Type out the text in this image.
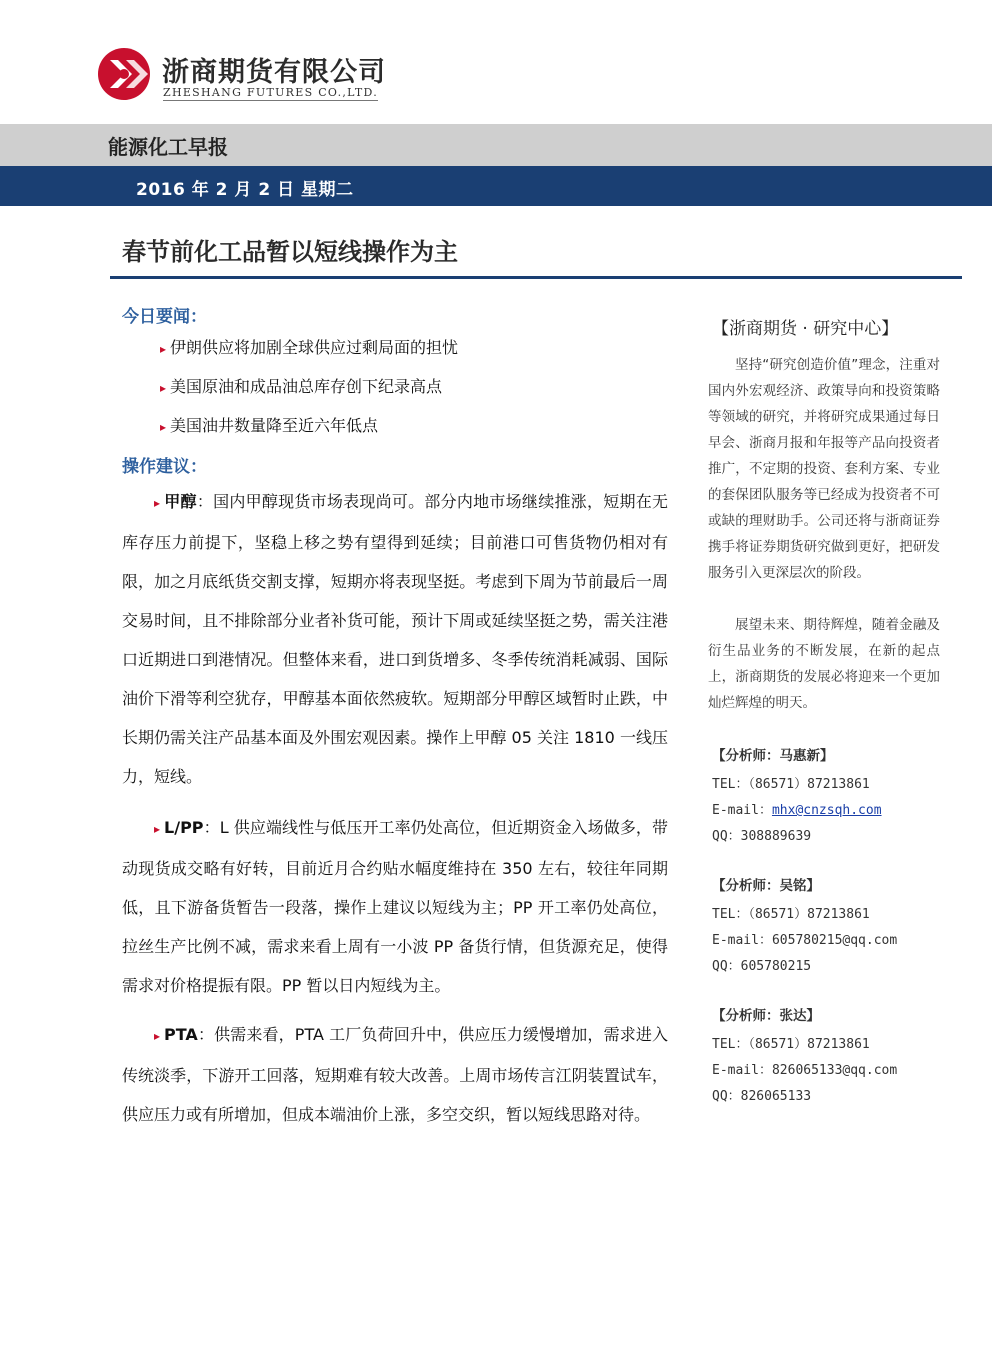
浙商期货有限公司
ZHESHANG FUTURES CO.,LTD.
能源化工早报
2016 年 2 月 2 日 星期二
春节前化工品暂以短线操作为主
今日要闻：
▸ 伊朗供应将加剧全球供应过剩局面的担忧
▸ 美国原油和成品油总库存创下纪录高点
▸ 美国油井数量降至近六年低点
操作建议：
▸ 甲醇：国内甲醇现货市场表现尚可。部分内地市场继续推涨，短期在无库存压力前提下，坚稳上移之势有望得到延续；目前港口可售货物仍相对有限，加之月底纸货交割支撑，短期亦将表现坚挺。考虑到下周为节前最后一周交易时间，且不排除部分业者补货可能，预计下周或延续坚挺之势，需关注港口近期进口到港情况。但整体来看，进口到货增多、冬季传统消耗减弱、国际油价下滑等利空犹存，甲醇基本面依然疲软。短期部分甲醇区域暂时止跌，中长期仍需关注产品基本面及外围宏观因素。操作上甲醇 05 关注 1810 一线压力，短线。
▸ L/PP：L 供应端线性与低压开工率仍处高位，但近期资金入场做多，带动现货成交略有好转，目前近月合约贴水幅度维持在 350 左右，较往年同期低，且下游备货暂告一段落，操作上建议以短线为主；PP 开工率仍处高位，拉丝生产比例不减，需求来看上周有一小波 PP 备货行情，但货源充足，使得需求对价格提振有限。PP 暂以日内短线为主。
▸ PTA：供需来看，PTA 工厂负荷回升中，供应压力缓慢增加，需求进入传统淡季，下游开工回落，短期难有较大改善。上周市场传言江阴装置试车，供应压力或有所增加，但成本端油价上涨，多空交织，暂以短线思路对待。
【浙商期货 · 研究中心】
坚持“研究创造价值”理念，注重对国内外宏观经济、政策导向和投资策略等领域的研究，并将研究成果通过每日早会、浙商月报和年报等产品向投资者推广，不定期的投资、套利方案、专业的套保团队服务等已经成为投资者不可或缺的理财助手。公司还将与浙商证券携手将证券期货研究做到更好，把研发服务引入更深层次的阶段。
展望未来、期待辉煌，随着金融及衍生品业务的不断发展，在新的起点上，浙商期货的发展必将迎来一个更加灿烂辉煌的明天。
【分析师：马惠新】
TEL：（86571）87213861
E-mail：mhx@cnzsqh.com
QQ：308889639
【分析师：吴铭】
TEL：（86571）87213861
E-mail：605780215@qq.com
QQ：605780215
【分析师：张达】
TEL：（86571）87213861
E-mail：826065133@qq.com
QQ：826065133
